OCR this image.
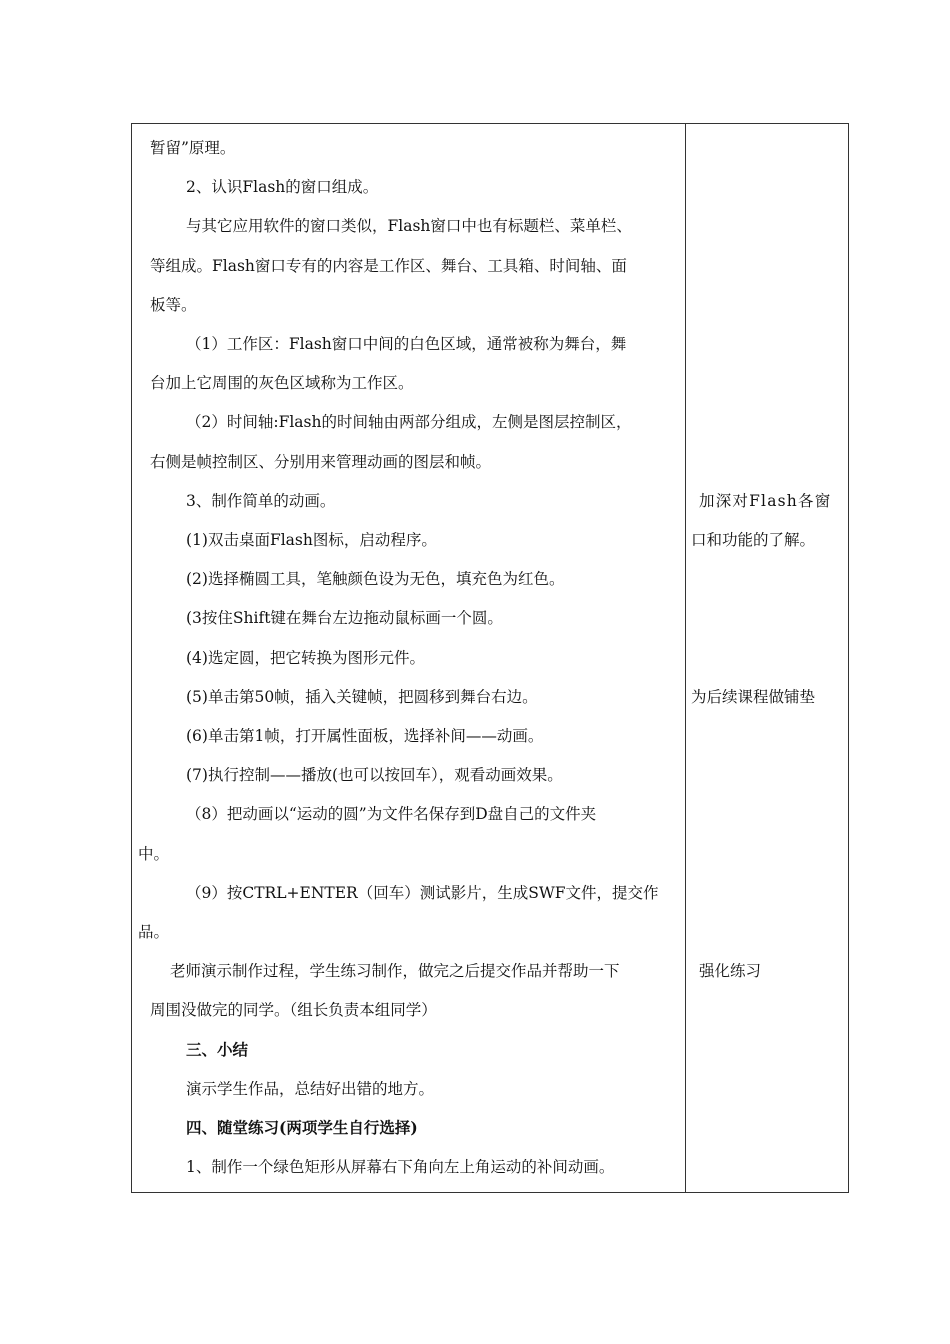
暂留”原理。
2、认识Flash的窗口组成。
与其它应用软件的窗口类似，Flash窗口中也有标题栏、菜单栏、
等组成。Flash窗口专有的内容是工作区、舞台、工具箱、时间轴、面
板等。
（1）工作区：Flash窗口中间的白色区域，通常被称为舞台，舞
台加上它周围的灰色区域称为工作区。
（2）时间轴:Flash的时间轴由两部分组成，左侧是图层控制区，
右侧是帧控制区、分别用来管理动画的图层和帧。
3、制作简单的动画。
(1)双击桌面Flash图标，启动程序。
(2)选择椭圆工具，笔触颜色设为无色，填充色为红色。
(3按住Shift键在舞台左边拖动鼠标画一个圆。
(4)选定圆，把它转换为图形元件。
(5)单击第50帧，插入关键帧，把圆移到舞台右边。
(6)单击第1帧，打开属性面板，选择补间——动画。
(7)执行控制——播放(也可以按回车），观看动画效果。
（8）把动画以“运动的圆”为文件名保存到D盘自己的文件夹
中。
（9）按CTRL+ENTER（回车）测试影片，生成SWF文件，提交作
品。
老师演示制作过程，学生练习制作，做完之后提交作品并帮助一下
周围没做完的同学。（组长负责本组同学）
三、小结
演示学生作品，总结好出错的地方。
四、随堂练习(两项学生自行选择)
1、制作一个绿色矩形从屏幕右下角向左上角运动的补间动画。
加深对Flash各窗
口和功能的了解。
为后续课程做铺垫
强化练习
